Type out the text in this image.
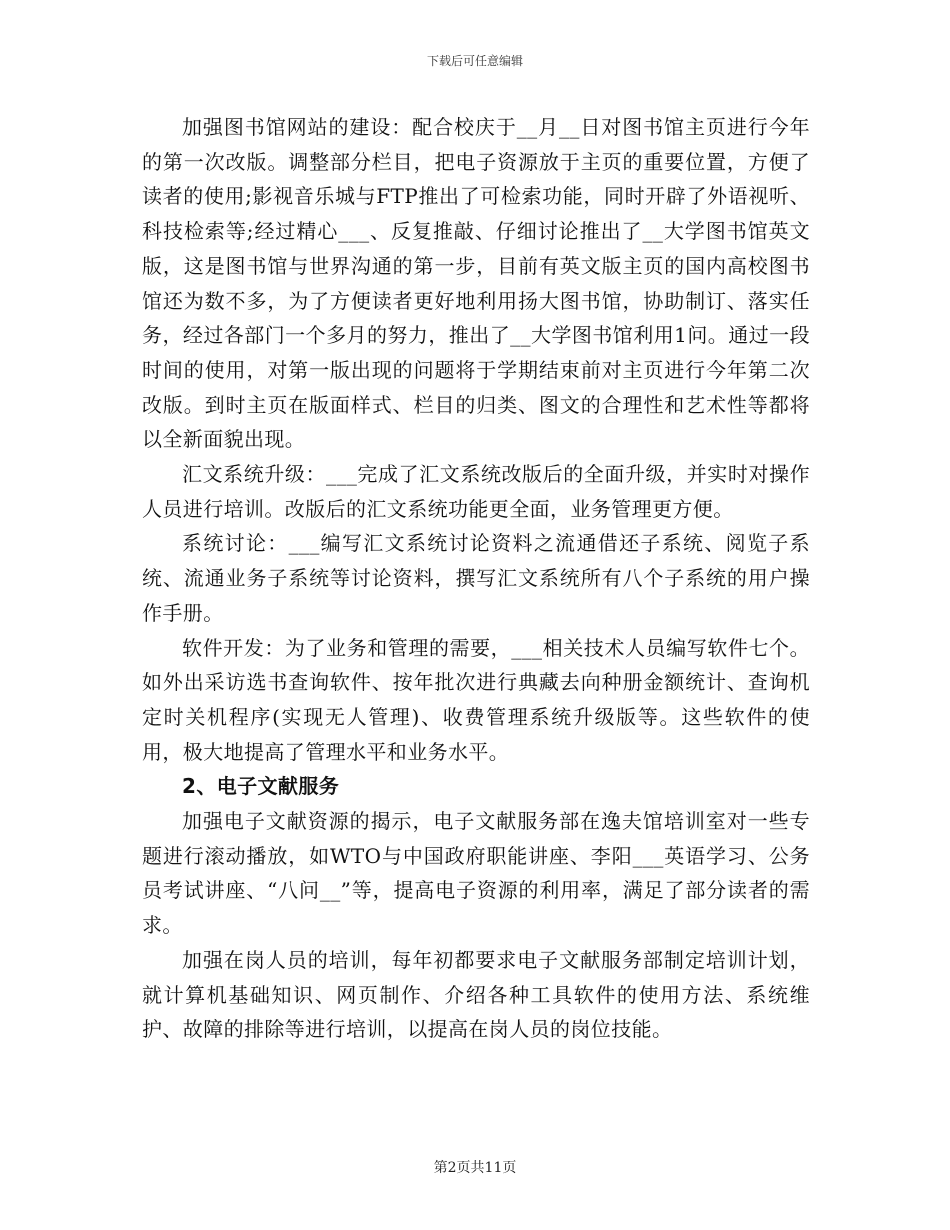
下载后可任意编辑

加强图书馆网站的建设：配合校庆于__月__日对图书馆主页进行今年的第一次改版。调整部分栏目，把电子资源放于主页的重要位置，方便了读者的使用;影视音乐城与FTP推出了可检索功能，同时开辟了外语视听、科技检索等;经过精心___、反复推敲、仔细讨论推出了__大学图书馆英文版，这是图书馆与世界沟通的第一步，目前有英文版主页的国内高校图书馆还为数不多，为了方便读者更好地利用扬大图书馆，协助制订、落实任务，经过各部门一个多月的努力，推出了__大学图书馆利用1问。通过一段时间的使用，对第一版出现的问题将于学期结束前对主页进行今年第二次改版。到时主页在版面样式、栏目的归类、图文的合理性和艺术性等都将以全新面貌出现。

汇文系统升级：___完成了汇文系统改版后的全面升级，并实时对操作人员进行培训。改版后的汇文系统功能更全面，业务管理更方便。

系统讨论：___编写汇文系统讨论资料之流通借还子系统、阅览子系统、流通业务子系统等讨论资料，撰写汇文系统所有八个子系统的用户操作手册。

软件开发：为了业务和管理的需要，___相关技术人员编写软件七个。如外出采访选书查询软件、按年批次进行典藏去向种册金额统计、查询机定时关机程序(实现无人管理)、收费管理系统升级版等。这些软件的使用，极大地提高了管理水平和业务水平。

2、电子文献服务

加强电子文献资源的揭示，电子文献服务部在逸夫馆培训室对一些专题进行滚动播放，如WTO与中国政府职能讲座、李阳___英语学习、公务员考试讲座、“八问__”等，提高电子资源的利用率，满足了部分读者的需求。

加强在岗人员的培训，每年初都要求电子文献服务部制定培训计划，就计算机基础知识、网页制作、介绍各种工具软件的使用方法、系统维护、故障的排除等进行培训，以提高在岗人员的岗位技能。

第2页共11页
